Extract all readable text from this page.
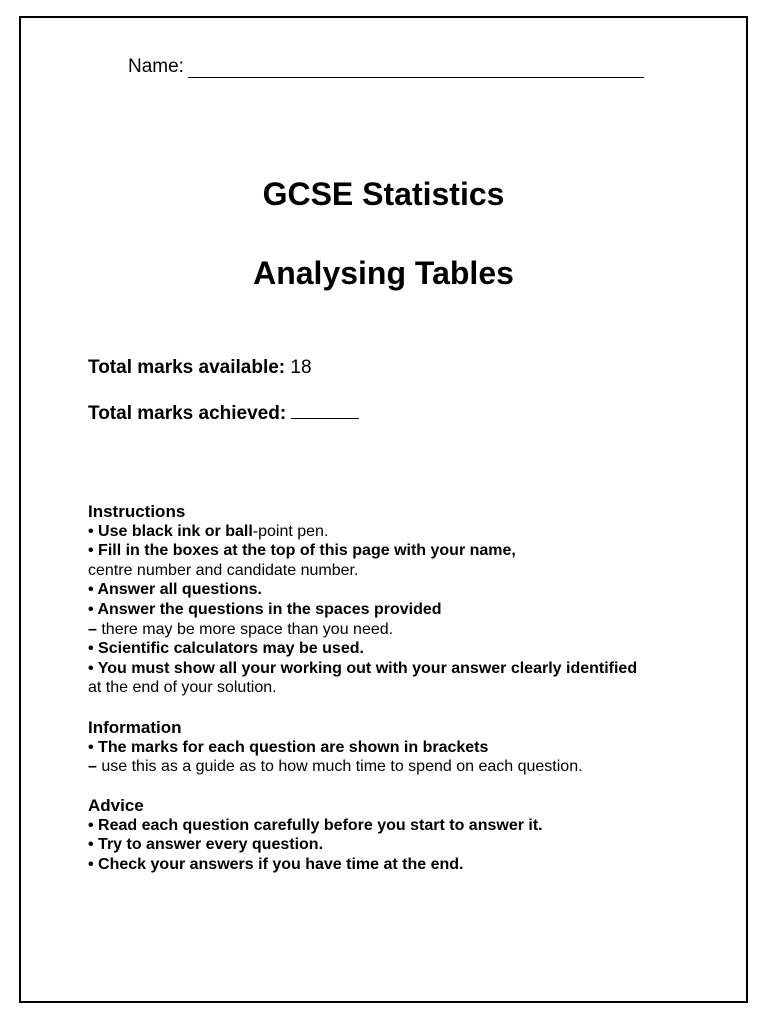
Name:
GCSE Statistics
Analysing Tables
Total marks available: 18
Total marks achieved:
Instructions
• Use black ink or ball-point pen.
• Fill in the boxes at the top of this page with your name,
centre number and candidate number.
• Answer all questions.
• Answer the questions in the spaces provided
– there may be more space than you need.
• Scientific calculators may be used.
• You must show all your working out with your answer clearly identified
at the end of your solution.
Information
• The marks for each question are shown in brackets
– use this as a guide as to how much time to spend on each question.
Advice
• Read each question carefully before you start to answer it.
• Try to answer every question.
• Check your answers if you have time at the end.
